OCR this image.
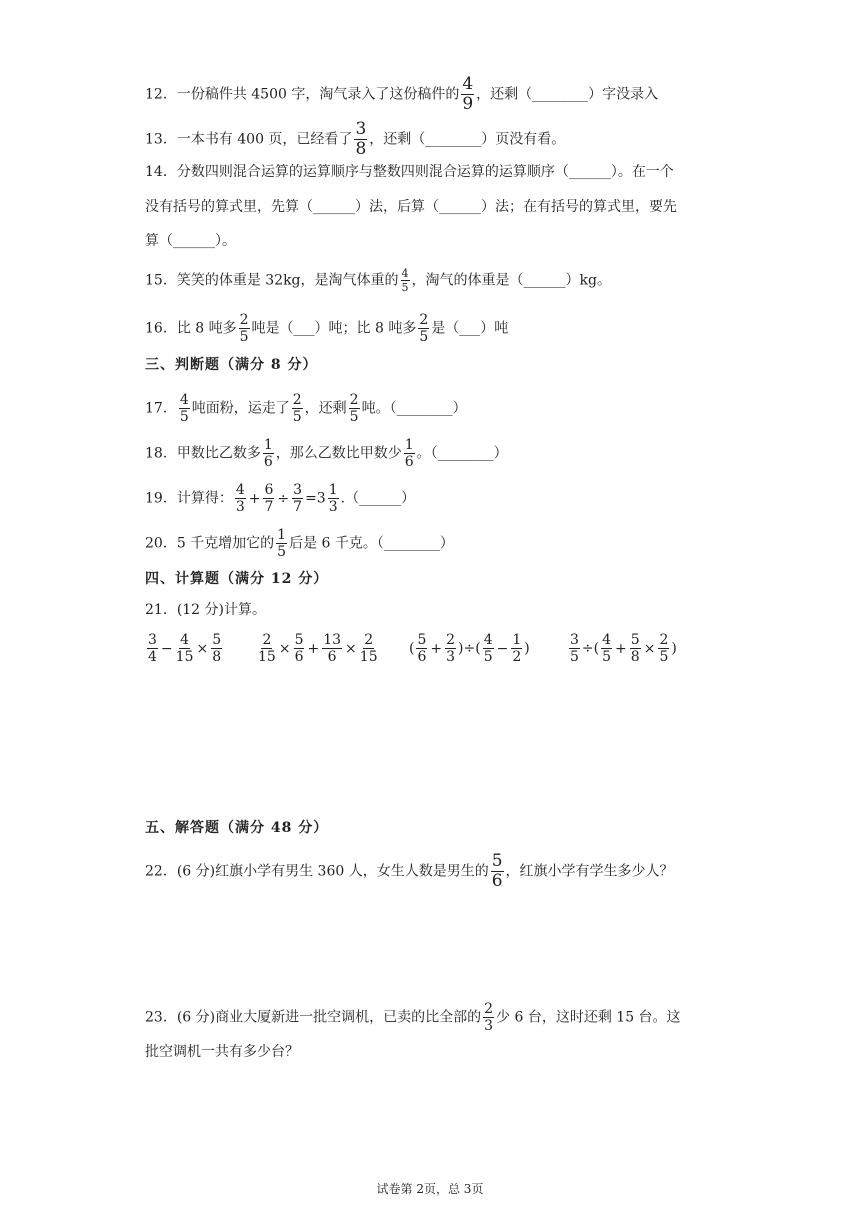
12．一份稿件共 4500 字，淘气录入了这份稿件的 $\frac{4}{9}$ ，还剩（________）字没录入
13．一本书有 400 页，已经看了 $\frac{3}{8}$ ，还剩（________）页没有看。
14．分数四则混合运算的运算顺序与整数四则混合运算的运算顺序（______）。在一个
没有括号的算式里，先算（______）法，后算（______）法；在有括号的算式里，要先
算（______）。
15．笑笑的体重是 32kg，是淘气体重的 $\frac{4}{5}$ ，淘气的体重是（______）kg。
16．比 8 吨多 $\frac{2}{5}$ 吨是（___）吨；比 8 吨多 $\frac{2}{5}$ 是（___）吨
三、判断题（满分 8 分）
17． $\frac{4}{5}$ 吨面粉，运走了 $\frac{2}{5}$ ，还剩 $\frac{2}{5}$ 吨。（________）
18．甲数比乙数多 $\frac{1}{6}$ ，那么乙数比甲数少 $\frac{1}{6}$ 。（________）
19．计算得： $\frac{4}{3} + \frac{6}{7} \div \frac{3}{7} =3 \frac{1}{3}$ .（______）
20．5 千克增加它的 $\frac{1}{5}$ 后是 6 千克。（________）
四、计算题（满分 12 分）
21．(12 分)计算。
$\frac{3}{4} - \frac{4}{15} \times \frac{5}{8}$	$\frac{2}{15} \times \frac{5}{6} + \frac{13}{6} \times \frac{2}{15}$ ( $\frac{5}{6} + \frac{2}{3}$ )÷( $\frac{4}{5} - \frac{1}{2}$ )	$\frac{3}{5}$ ÷( $\frac{4}{5} + \frac{5}{8} \times \frac{2}{5}$ )
五、解答题（满分 48 分）
22．(6 分)红旗小学有男生 360 人，女生人数是男生的 $\frac{5}{6}$ ，红旗小学有学生多少人？
23．(6 分)商业大厦新进一批空调机，已卖的比全部的 $\frac{2}{3}$ 少 6 台，这时还剩 15 台。这
批空调机一共有多少台？
试卷第 2页，总 3页
